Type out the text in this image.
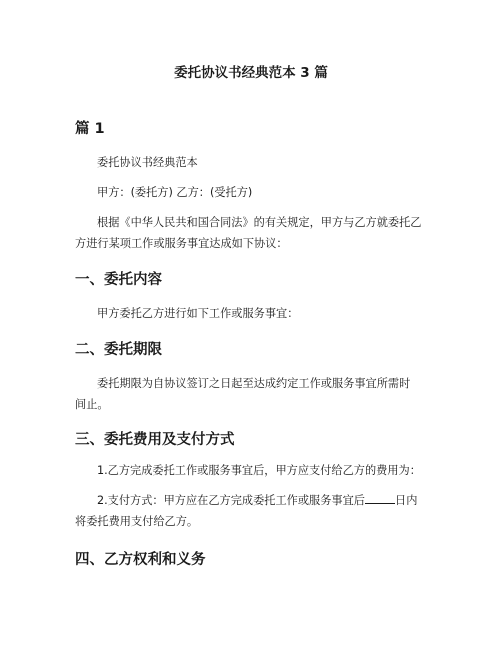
委托协议书经典范本 3 篇
篇 1
委托协议书经典范本
甲方：(委托方) 乙方：(受托方)
根据《中华人民共和国合同法》的有关规定，甲方与乙方就委托乙
方进行某项工作或服务事宜达成如下协议：
一、委托内容
甲方委托乙方进行如下工作或服务事宜：
二、委托期限
委托期限为自协议签订之日起至达成约定工作或服务事宜所需时
间止。
三、委托费用及支付方式
1.乙方完成委托工作或服务事宜后，甲方应支付给乙方的费用为：
2.支付方式：甲方应在乙方完成委托工作或服务事宜后	日内
将委托费用支付给乙方。
四、乙方权利和义务
